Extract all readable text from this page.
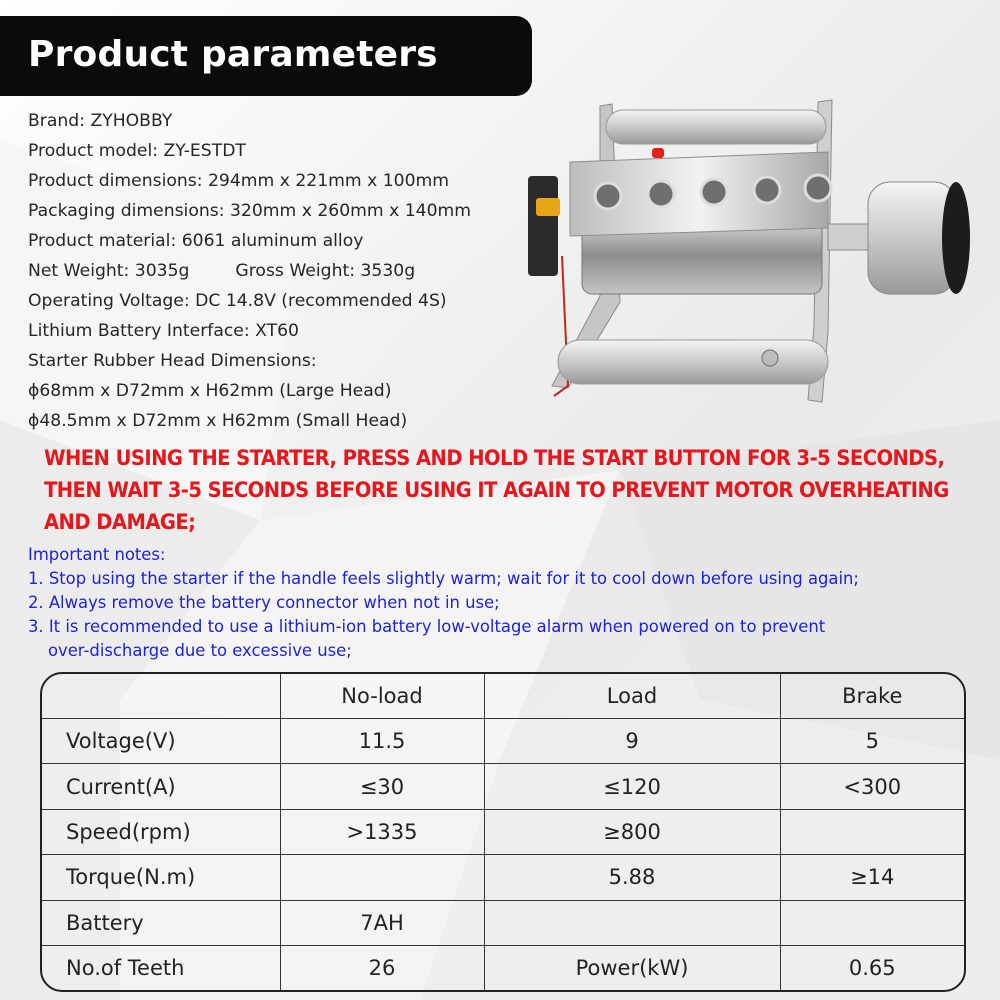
Product parameters
Brand: ZYHOBBY
Product model: ZY-ESTDT
Product dimensions: 294mm x 221mm x 100mm
Packaging dimensions: 320mm x 260mm x 140mm
Product material: 6061 aluminum alloy
Net Weight: 3035g	Gross Weight: 3530g
Operating Voltage: DC 14.8V (recommended 4S)
Lithium Battery Interface: XT60
Starter Rubber Head Dimensions:
ϕ68mm x D72mm x H62mm (Large Head)
ϕ48.5mm x D72mm x H62mm (Small Head)
WHEN USING THE STARTER, PRESS AND HOLD THE START BUTTON FOR 3-5 SECONDS,
THEN WAIT 3-5 SECONDS BEFORE USING IT AGAIN TO PREVENT MOTOR OVERHEATING
AND DAMAGE;
Important notes:
1. Stop using the starter if the handle feels slightly warm; wait for it to cool down before using again;
2. Always remove the battery connector when not in use;
3. It is recommended to use a lithium-ion battery low-voltage alarm when powered on to prevent
over-discharge due to excessive use;
	No-load	Load	Brake
Voltage(V)	11.5	9	5
Current(A)	≤30	≤120	<300
Speed(rpm)	>1335	≥800	
Torque(N.m)		5.88	≥14
Battery	7AH		
No.of Teeth	26	Power(kW)	0.65
